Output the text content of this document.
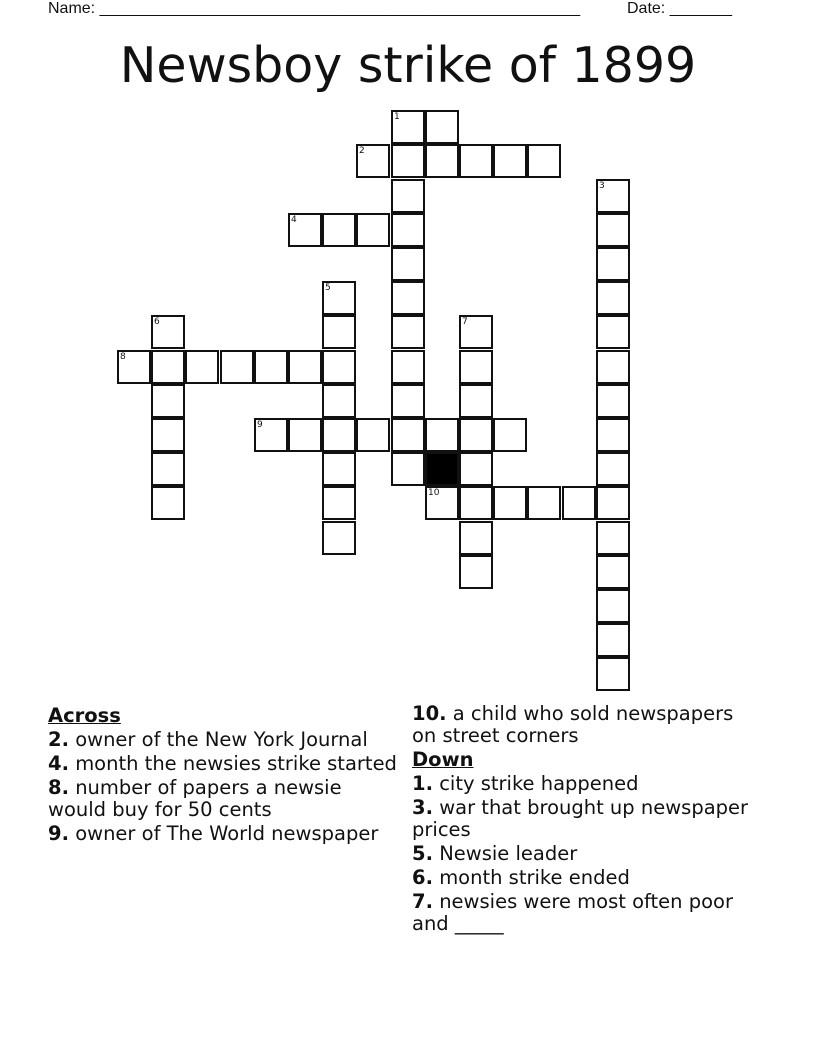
Name: ______________________________________________________	Date: _______
Newsboy strike of 1899
1
2
3
4
5
6	7
8
9
10
Across
2. owner of the New York Journal
4. month the newsies strike started
8. number of papers a newsie would buy for 50 cents
9. owner of The World newspaper
10. a child who sold newspapers on street corners
Down
1. city strike happened
3. war that brought up newspaper prices
5. Newsie leader
6. month strike ended
7. newsies were most often poor and _____
